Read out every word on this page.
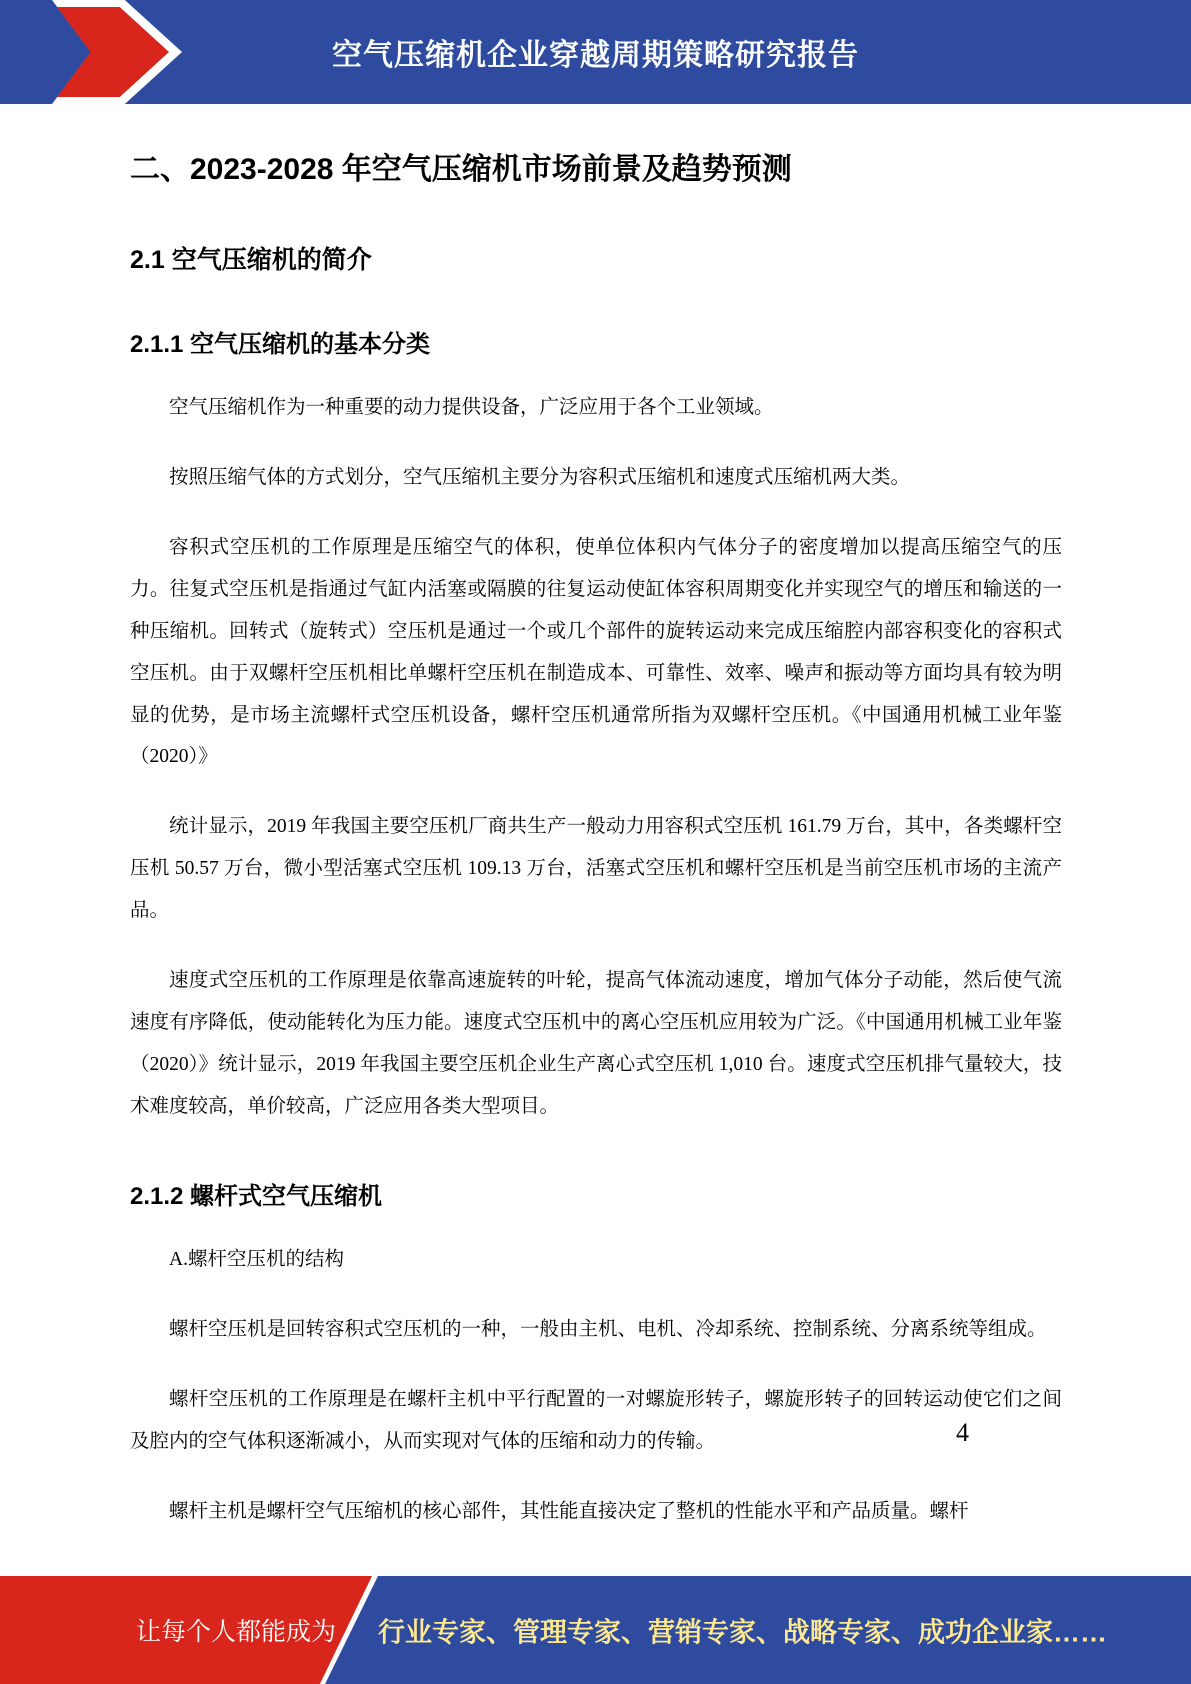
空气压缩机企业穿越周期策略研究报告
二、2023-2028 年空气压缩机市场前景及趋势预测
2.1 空气压缩机的简介
2.1.1 空气压缩机的基本分类

空气压缩机作为一种重要的动力提供设备，广泛应用于各个工业领域。

按照压缩气体的方式划分，空气压缩机主要分为容积式压缩机和速度式压缩机两大类。

容积式空压机的工作原理是压缩空气的体积，使单位体积内气体分子的密度增加以提高压缩空气的压力。往复式空压机是指通过气缸内活塞或隔膜的往复运动使缸体容积周期变化并实现空气的增压和输送的一种压缩机。回转式（旋转式）空压机是通过一个或几个部件的旋转运动来完成压缩腔内部容积变化的容积式空压机。由于双螺杆空压机相比单螺杆空压机在制造成本、可靠性、效率、噪声和振动等方面均具有较为明显的优势，是市场主流螺杆式空压机设备，螺杆空压机通常所指为双螺杆空压机。《中国通用机械工业年鉴（2020）》

统计显示，2019 年我国主要空压机厂商共生产一般动力用容积式空压机 161.79 万台，其中，各类螺杆空压机 50.57 万台，微小型活塞式空压机 109.13 万台，活塞式空压机和螺杆空压机是当前空压机市场的主流产品。

速度式空压机的工作原理是依靠高速旋转的叶轮，提高气体流动速度，增加气体分子动能，然后使气流速度有序降低，使动能转化为压力能。速度式空压机中的离心空压机应用较为广泛。《中国通用机械工业年鉴（2020）》统计显示，2019 年我国主要空压机企业生产离心式空压机 1,010 台。速度式空压机排气量较大，技术难度较高，单价较高，广泛应用各类大型项目。

2.1.2 螺杆式空气压缩机

A.螺杆空压机的结构

螺杆空压机是回转容积式空压机的一种，一般由主机、电机、冷却系统、控制系统、分离系统等组成。

螺杆空压机的工作原理是在螺杆主机中平行配置的一对螺旋形转子，螺旋形转子的回转运动使它们之间及腔内的空气体积逐渐减小，从而实现对气体的压缩和动力的传输。

螺杆主机是螺杆空气压缩机的核心部件，其性能直接决定了整机的性能水平和产品质量。螺杆

4
让每个人都能成为 行业专家、管理专家、营销专家、战略专家、成功企业家……
